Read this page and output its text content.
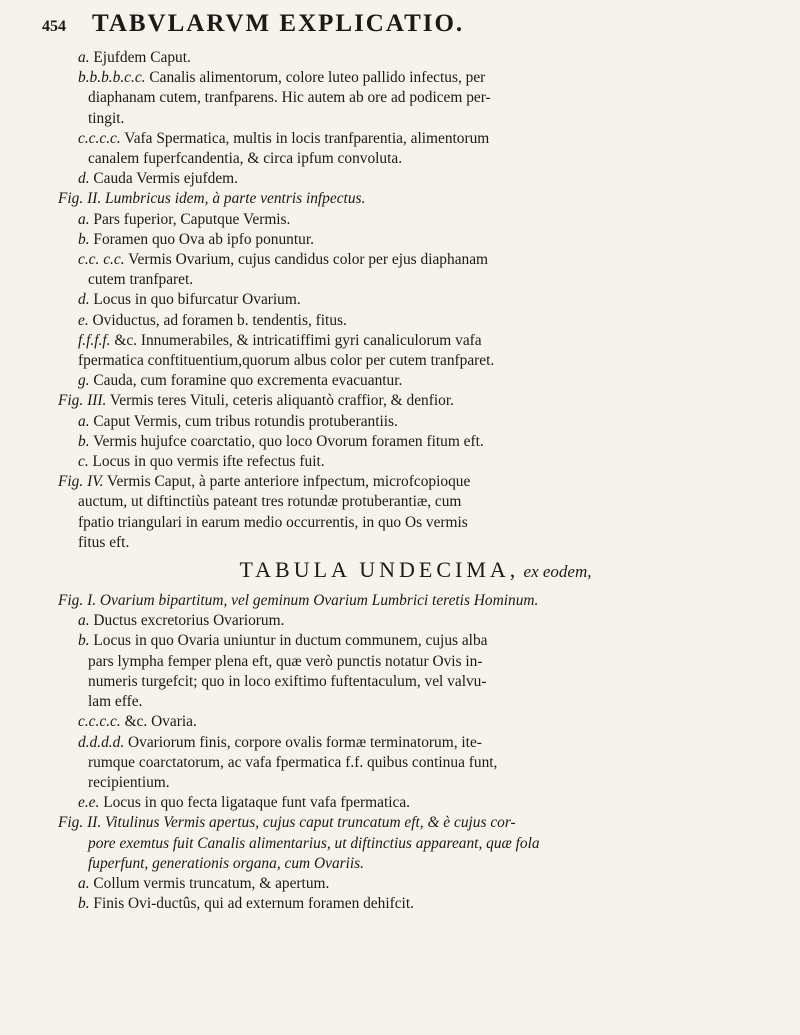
454	TABVLARVM EXPLICATIO.
a. Ejufdem Caput.
b.b.b.b.c.c. Canalis alimentorum, colore luteo pallido infectus, per
diaphanam cutem, tranfparens. Hic autem ab ore ad podicem per-
tingit.
c.c.c.c. Vafa Spermatica, multis in locis tranfparentia, alimentorum
canalem fuperfcandentia, & circa ipfum convoluta.
d. Cauda Vermis ejufdem.
Fig. II. Lumbricus idem, à parte ventris infpectus.
a. Pars fuperior, Caputque Vermis.
b. Foramen quo Ova ab ipfo ponuntur.
c.c. c.c. Vermis Ovarium, cujus candidus color per ejus diaphanam
cutem tranfparet.
d. Locus in quo bifurcatur Ovarium.
e. Oviductus, ad foramen b. tendentis, fitus.
f.f.f.f. &c. Innumerabiles, & intricatiffimi gyri canaliculorum vafa
fpermatica conftituentium,quorum albus color per cutem tranfparet.
g. Cauda, cum foramine quo excrementa evacuantur.
Fig. III. Vermis teres Vituli, ceteris aliquantò craffior, & denfior.
a. Caput Vermis, cum tribus rotundis protuberantiis.
b. Vermis hujufce coarctatio, quo loco Ovorum foramen fitum eft.
c. Locus in quo vermis ifte refectus fuit.
Fig. IV. Vermis Caput, à parte anteriore infpectum, microfcopioque
auctum, ut diftinctiùs pateant tres rotundæ protuberantiæ, cum
fpatio triangulari in earum medio occurrentis, in quo Os vermis
fitus eft.
TABULA UNDECIMA, ex eodem,
Fig. I. Ovarium bipartitum, vel geminum Ovarium Lumbrici teretis Hominum.
a. Ductus excretorius Ovariorum.
b. Locus in quo Ovaria uniuntur in ductum communem, cujus alba
pars lympha femper plena eft, quæ verò punctis notatur Ovis in-
numeris turgefcit; quo in loco exiftimo fuftentaculum, vel valvu-
lam effe.
c.c.c.c. &c. Ovaria.
d.d.d.d. Ovariorum finis, corpore ovalis formæ terminatorum, ite-
rumque coarctatorum, ac vafa fpermatica f.f. quibus continua funt,
recipientium.
e.e. Locus in quo fecta ligataque funt vafa fpermatica.
Fig. II. Vitulinus Vermis apertus, cujus caput truncatum eft, & è cujus cor-
pore exemtus fuit Canalis alimentarius, ut diftinctius appareant, quæ fola
fuperfunt, generationis organa, cum Ovariis.
a. Collum vermis truncatum, & apertum.
b. Finis Ovi-ductûs, qui ad externum foramen dehifcit.
